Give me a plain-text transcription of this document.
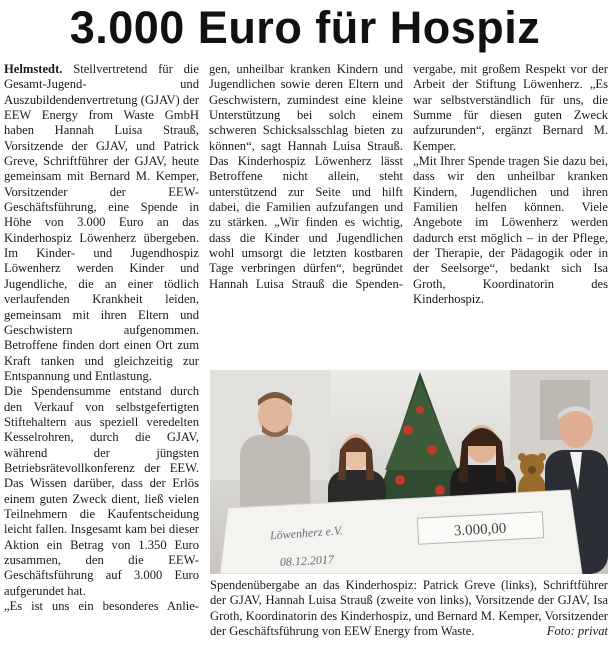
3.000 Euro für Hospiz

Helmstedt. Stellvertretend für die Gesamt-Jugend- und Auszubildendenvertretung (GJAV) der EEW Energy from Waste GmbH haben Hannah Luisa Strauß, Vorsitzende der GJAV, und Patrick Greve, Schriftführer der GJAV, heute gemeinsam mit Bernard M. Kemper, Vorsitzender der EEW-Geschäftsführung, eine Spende in Höhe von 3.000 Euro an das Kinderhospiz Löwenherz übergeben. Im Kinder- und Jugendhospiz Löwenherz werden Kinder und Jugendliche, die an einer tödlich verlaufenden Krankheit leiden, gemeinsam mit ihren Eltern und Geschwistern aufgenommen. Betroffene finden dort einen Ort zum Kraft tanken und gleichzeitig zur Entspannung und Entlastung.

Die Spendensumme entstand durch den Verkauf von selbstgefertigten Stiftehaltern aus speziell veredelten Kesselrohren, durch die GJAV, während der jüngsten Betriebsrätevollkonferenz der EEW. Das Wissen darüber, dass der Erlös einem guten Zweck dient, ließ vielen Teilnehmern die Kaufentscheidung leicht fallen. Insgesamt kam bei dieser Aktion ein Betrag von 1.350 Euro zusammen, den die EEW-Geschäftsführung auf 3.000 Euro aufgerundet hat.

„Es ist uns ein besonderes Anlie-

gen, unheilbar kranken Kindern und Jugendlichen sowie deren Eltern und Geschwistern, zumindest eine kleine Unterstützung bei solch einem schweren Schicksalsschlag bieten zu können“, sagt Hannah Luisa Strauß. Das Kinderhospiz Löwenherz lässt Betroffene nicht allein, steht unterstützend zur Seite und hilft dabei, die Familien aufzufangen und zu stärken. „Wir finden es wichtig, dass die Kinder und Jugendlichen wohl umsorgt die letzten kostbaren Tage verbringen dürfen“, begründet Hannah Luisa Strauß die Spenden-

vergabe, mit großem Respekt vor der Arbeit der Stiftung Löwenherz. „Es war selbstverständlich für uns, die Summe für diesen guten Zweck aufzurunden“, ergänzt Bernard M. Kemper.

„Mit Ihrer Spende tragen Sie dazu bei, dass wir den unheilbar kranken Kindern, Jugendlichen und ihren Familien helfen können. Viele Angebote im Löwenherz werden dadurch erst möglich – in der Pflege, der Therapie, der Pädagogik oder in der Seelsorge“, bedankt sich Isa Groth, Koordinatorin des Kinderhospiz.

3.000,00
Löwenherz e.V.
08.12.2017
Spendenübergabe an das Kinderhospiz: Patrick Greve (links), Schriftführer der GJAV, Hannah Luisa Strauß (zweite von links), Vorsitzende der GJAV, Isa Groth, Koordinatorin des Kinderhospiz, und Bernard M. Kemper, Vorsitzender der Geschäftsführung von EEW Energy from Waste.	Foto: privat
